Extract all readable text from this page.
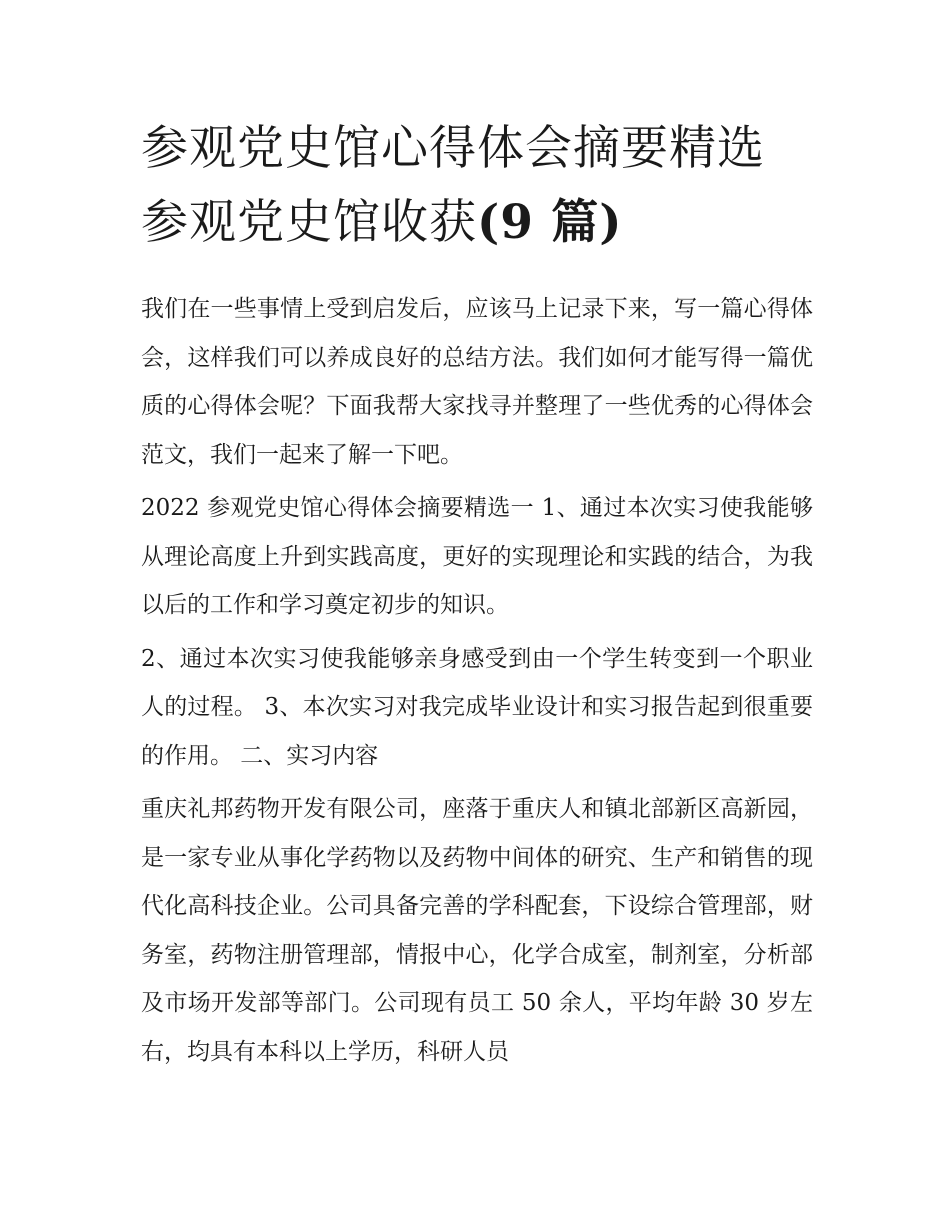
参观党史馆心得体会摘要精选
参观党史馆收获(9 篇)

我们在一些事情上受到启发后，应该马上记录下来，写一篇心得体会，这样我们可以养成良好的总结方法。我们如何才能写得一篇优质的心得体会呢？下面我帮大家找寻并整理了一些优秀的心得体会范文，我们一起来了解一下吧。

2022 参观党史馆心得体会摘要精选一 1、通过本次实习使我能够从理论高度上升到实践高度，更好的实现理论和实践的结合，为我以后的工作和学习奠定初步的知识。

2、通过本次实习使我能够亲身感受到由一个学生转变到一个职业人的过程。 3、本次实习对我完成毕业设计和实习报告起到很重要的作用。 二、实习内容

重庆礼邦药物开发有限公司，座落于重庆人和镇北部新区高新园，是一家专业从事化学药物以及药物中间体的研究、生产和销售的现代化高科技企业。公司具备完善的学科配套，下设综合管理部，财务室，药物注册管理部，情报中心，化学合成室，制剂室，分析部及市场开发部等部门。公司现有员工 50 余人，平均年龄 30 岁左右，均具有本科以上学历，科研人员
